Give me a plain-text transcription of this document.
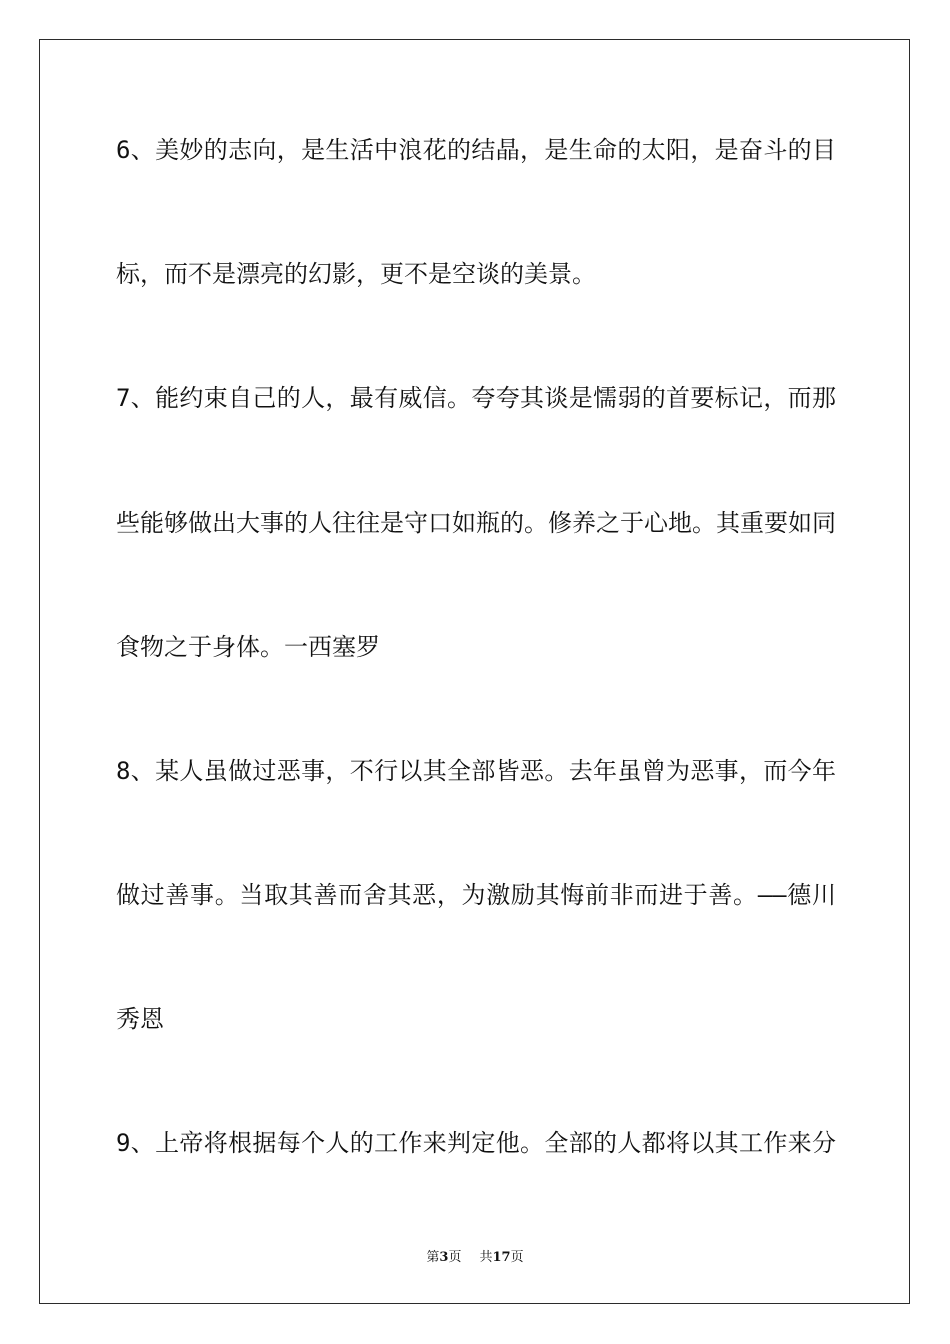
6、美妙的志向，是生活中浪花的结晶，是生命的太阳，是奋斗的目
标，而不是漂亮的幻影，更不是空谈的美景。
7、能约束自己的人，最有威信。夸夸其谈是懦弱的首要标记，而那
些能够做出大事的人往往是守口如瓶的。修养之于心地。其重要如同
食物之于身体。一西塞罗
8、某人虽做过恶事，不行以其全部皆恶。去年虽曾为恶事，而今年
做过善事。当取其善而舍其恶，为激励其悔前非而进于善。——德川
秀恩
9、上帝将根据每个人的工作来判定他。全部的人都将以其工作来分
第3页 共17页
